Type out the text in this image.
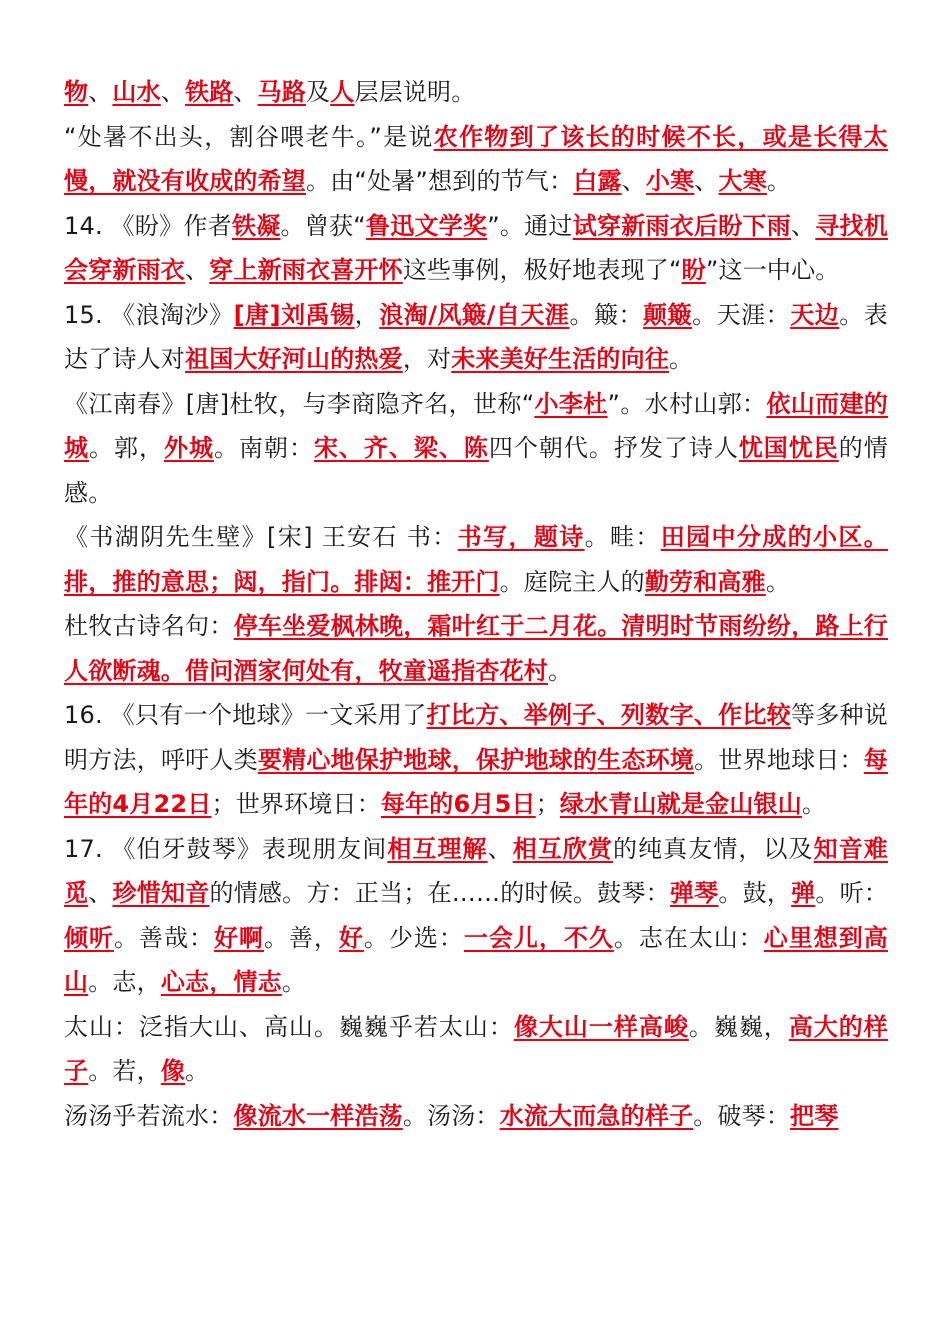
物、山水、铁路、马路及人层层说明。

“处暑不出头，割谷喂老牛。”是说农作物到了该长的时候不长，或是长得太慢，就没有收成的希望。由“处暑”想到的节气：白露、小寒、大寒。

14. 《盼》作者铁凝。曾获“鲁迅文学奖”。通过试穿新雨衣后盼下雨、寻找机会穿新雨衣、穿上新雨衣喜开怀这些事例，极好地表现了“盼”这一中心。

15. 《浪淘沙》[唐]刘禹锡，浪淘/风簸/自天涯。簸：颠簸。天涯：天边。表达了诗人对祖国大好河山的热爱，对未来美好生活的向往。

《江南春》[唐]杜牧，与李商隐齐名，世称“小李杜”。水村山郭：依山而建的城。郭，外城。南朝：宋、齐、梁、陈四个朝代。抒发了诗人忧国忧民的情感。

《书湖阴先生壁》[宋] 王安石 书：书写，题诗。畦：田园中分成的小区。排，推的意思；闼，指门。排闼：推开门。庭院主人的勤劳和高雅。

杜牧古诗名句：停车坐爱枫林晚，霜叶红于二月花。清明时节雨纷纷，路上行人欲断魂。借问酒家何处有，牧童遥指杏花村。

16. 《只有一个地球》一文采用了打比方、举例子、列数字、作比较等多种说明方法，呼吁人类要精心地保护地球，保护地球的生态环境。世界地球日：每年的4月22日；世界环境日：每年的6月5日；绿水青山就是金山银山。

17. 《伯牙鼓琴》表现朋友间相互理解、相互欣赏的纯真友情，以及知音难觅、珍惜知音的情感。方：正当；在……的时候。鼓琴：弹琴。鼓，弹。听：倾听。善哉：好啊。善，好。少选：一会儿，不久。志在太山：心里想到高山。志，心志，情志。

太山：泛指大山、高山。巍巍乎若太山：像大山一样高峻。巍巍，高大的样子。若，像。

汤汤乎若流水：像流水一样浩荡。汤汤：水流大而急的样子。破琴：把琴
